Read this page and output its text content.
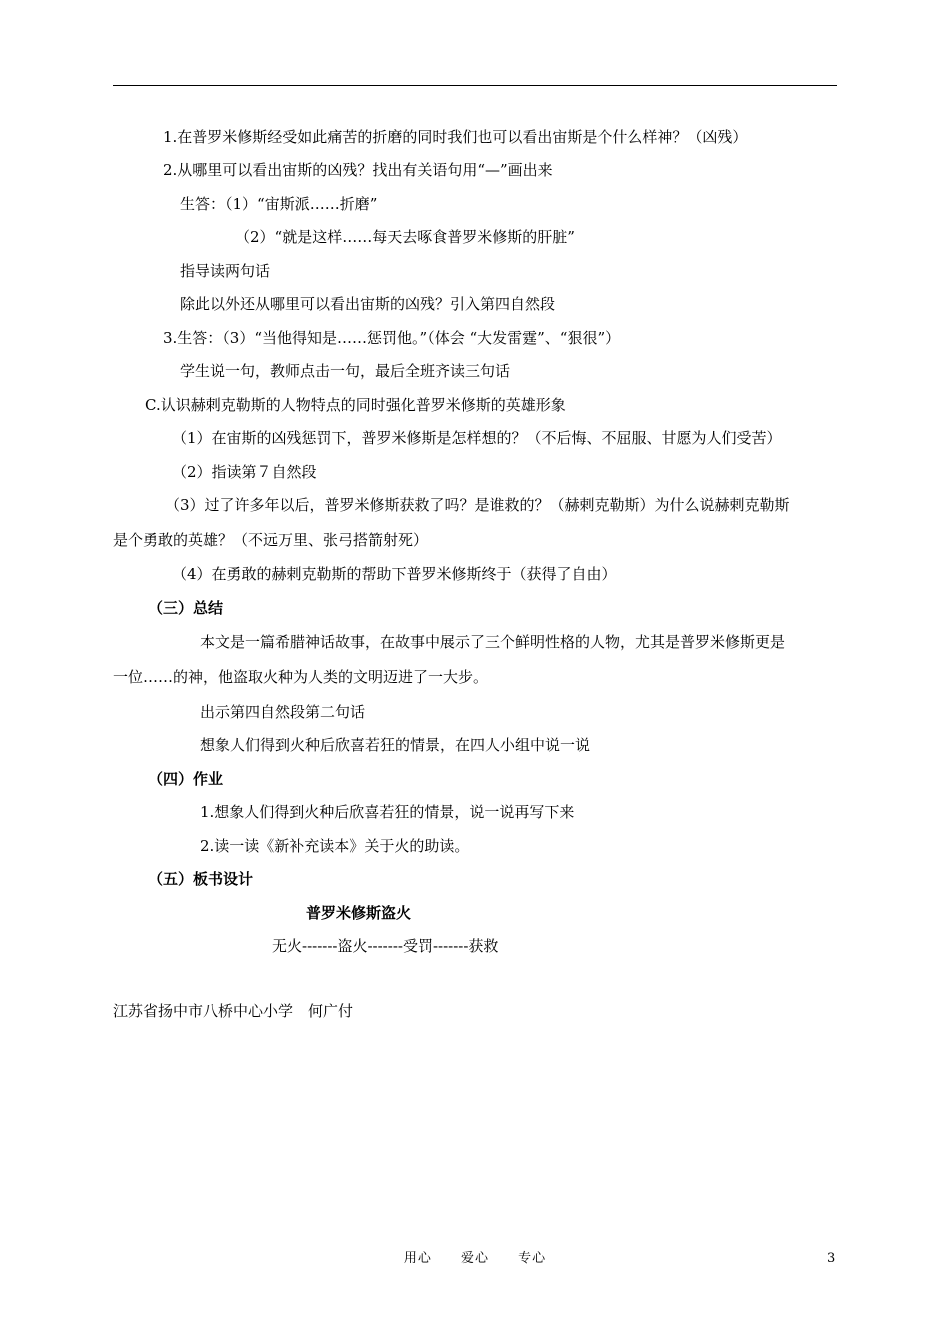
1.在普罗米修斯经受如此痛苦的折磨的同时我们也可以看出宙斯是个什么样神？（凶残）
2.从哪里可以看出宙斯的凶残？找出有关语句用“—”画出来
生答：（1）“宙斯派……折磨”
（2）“就是这样……每天去啄食普罗米修斯的肝脏”
指导读两句话
除此以外还从哪里可以看出宙斯的凶残？引入第四自然段
3.生答：（3）“当他得知是……惩罚他。”（体会 “大发雷霆”、“狠很”）
学生说一句，教师点击一句，最后全班齐读三句话
C.认识赫剌克勒斯的人物特点的同时强化普罗米修斯的英雄形象
（1）在宙斯的凶残惩罚下，普罗米修斯是怎样想的？（不后悔、不屈服、甘愿为人们受苦）
（2）指读第７自然段
（3）过了许多年以后，普罗米修斯获救了吗？是谁救的？（赫剌克勒斯）为什么说赫剌克勒斯
是个勇敢的英雄？（不远万里、张弓搭箭射死）
（4）在勇敢的赫剌克勒斯的帮助下普罗米修斯终于（获得了自由）
（三）总结
本文是一篇希腊神话故事，在故事中展示了三个鲜明性格的人物，尤其是普罗米修斯更是
一位……的神，他盗取火种为人类的文明迈进了一大步。
出示第四自然段第二句话
想象人们得到火种后欣喜若狂的情景，在四人小组中说一说
（四）作业
1.想象人们得到火种后欣喜若狂的情景，说一说再写下来
2.读一读《新补充读本》关于火的助读。
（五）板书设计
普罗米修斯盗火
无火-------盗火-------受罚-------获救
江苏省扬中市八桥中心小学　何广付
用心 爱心 专心	3
